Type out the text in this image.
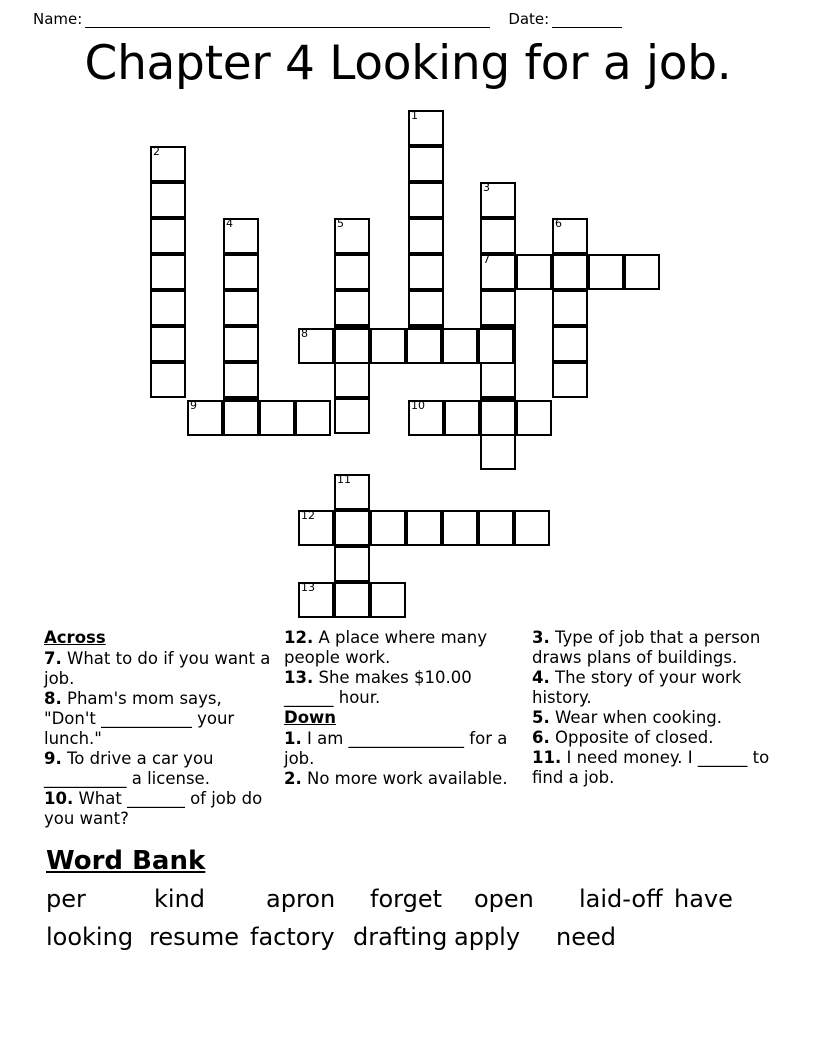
Name:	Date:
Chapter 4 Looking for a job.
1
2
3
7
4	5	6
8
9	10
11
12
13
Across

7. What to do if you want a job.

8. Pham's mom says, "Don't ___________ your lunch."

9. To drive a car you __________ a license.

10. What _______ of job do you want?

12. A place where many people work.

13. She makes $10.00 ______ hour.

Down

1. I am ______________ for a job.

2. No more work available.

3. Type of job that a person draws plans of buildings.

4. The story of your work history.

5. Wear when cooking.

6. Opposite of closed.

11. I need money. I ______ to find a job.

Word Bank
per	kind	apron	forget	open	laid-off have
looking resume factory drafting apply	need
